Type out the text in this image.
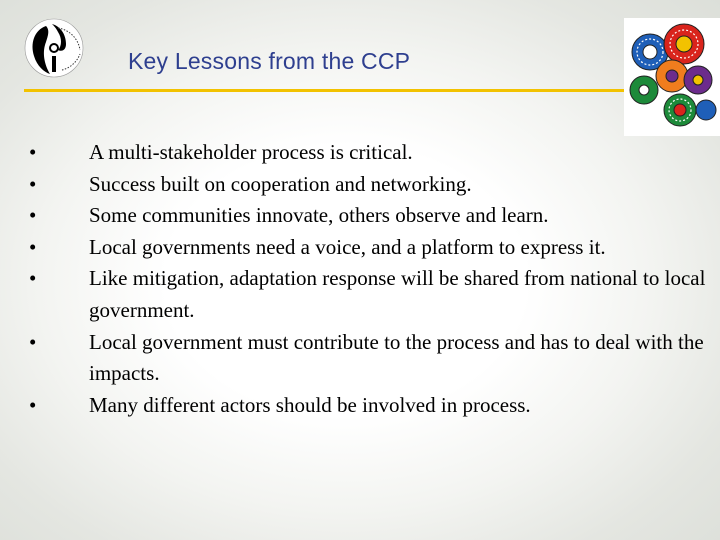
Key Lessons from the CCP
•	A multi-stakeholder process is critical.
•	Success built on cooperation and networking.
•	Some communities innovate, others observe and learn.
•	Local governments need a voice, and a platform to express it.
•	Like mitigation, adaptation response will be shared from national to local government.
•	Local government must contribute to the process and has to deal with the impacts.
•	Many different actors should be involved in process.
